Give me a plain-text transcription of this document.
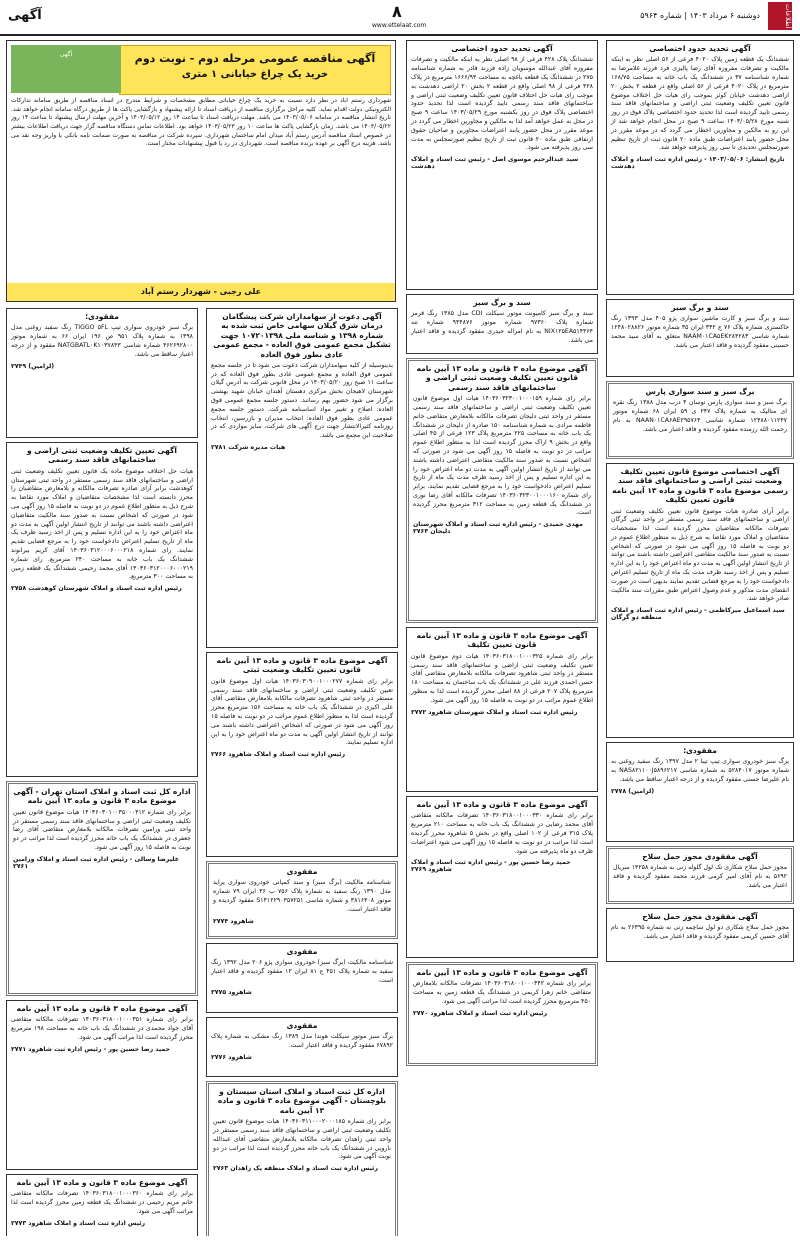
اطلاعات
دوشنبه ۶ مرداد ۱۴۰۳ | شماره ۵۹۶۴
۸
www.ettelaat.com
آگهی
آگهی تحدید حدود اختصاصی

ششدانگ یک قطعه زمین پلاک ۴۰۲۰ فرعی از ۵۶ اصلی نظر به اینکه مالکیت و تصرفات مفروزه آقای رضا پالیزی فرد فرزند غلامرضا به شماره شناسنامه ۳۷ در ششدانگ یک باب خانه به مساحت ۱۶۸/۷۵ مترمربع در پلاک ۴۰۲۰ فرعی از ۵۶ اصلی واقع در قطعه ۲ بخش ۲۰ اراضی دهدشت خیابان کوثر بموجب رای هیات حل اختلاف موضوع قانون تعیین تکلیف وضعیت ثبتی اراضی و ساختمانهای فاقد سند رسمی تایید گردیده است لذا تحدید حدود اختصاصی پلاک فوق در روز شنبه مورخ ۱۴۰۳/۰۵/۲۸ ساعت ۹ صبح در محل انجام خواهد شد از این رو به مالکین و مجاورین اخطار می گردد که در موعد مقرر در محل حضور یابند اعتراضات طبق ماده ۲۰ قانون ثبت از تاریخ تنظیم صورتمجلس تحدیدی تا سی روز پذیرفته خواهد شد.

تاریخ انتشار: ۱۴۰۳/۰۵/۰۶ - رئیس اداره ثبت اسناد و املاک دهدشت
سند و برگ سبز

سند و برگ سبز و کارت ماشین سواری پژو ۴۰۵ مدل ۱۳۹۳ رنگ خاکستری شماره پلاک ۷۶ ج ۳۴۲ ایران ۳۵ شماره موتور ۱۲۴۸۰۲۸۸۲۶ شماره شاسی NAAM۰۱CA۵EK۲۸۴۲۸۳ متعلق به آقای سید محمد حسینی مفقود گردیده و فاقد اعتبار می باشد.

برگ سبز و سند سواری پارس

برگ سبز و سند سواری پارس توسان ۴ درب مدل ۱۳۸۸ رنگ نقره ای متالیک به شماره پلاک ۲۴۷ ی ۵۹ ایران ۶۸ شماره موتور ۱۲۴۸۸۰۱۱۲۴۷ شماره شاسی NAAN۰۱CA۶AE۲۹۵۷۶۴ به نام رحمت الله رزمنده مفقود گردیده و فاقد اعتبار می باشد.

آگهی اختصاصی موضوع قانون تعیین تکلیف وضعیت ثبتی اراضی و ساختمانهای فاقد سند رسمی موضوع ماده ۳ قانون و ماده ۱۳ آیین نامه قانون تعیین تکلیف

برابر آرای صادره هیات موضوع قانون تعیین تکلیف وضعیت ثبتی اراضی و ساختمانهای فاقد سند رسمی مستقر در واحد ثبتی گرگان تصرفات مالکانه متقاضیان محرز گردیده است لذا مشخصات متقاضیان و املاک مورد تقاضا به شرح ذیل به منظور اطلاع عموم در دو نوبت به فاصله ۱۵ روز آگهی می شود در صورتی که اشخاص نسبت به صدور سند مالکیت متقاضی اعتراضی داشته باشند می توانند از تاریخ انتشار اولین آگهی به مدت دو ماه اعتراض خود را به این اداره تسلیم و پس از اخذ رسید ظرف مدت یک ماه از تاریخ تسلیم اعتراض دادخواست خود را به مرجع قضایی تقدیم نمایند بدیهی است در صورت انقضای مدت مذکور و عدم وصول اعتراض طبق مقررات سند مالکیت صادر خواهد شد.

سید اسماعیل میرکاظمی - رئیس اداره ثبت اسناد و املاک منطقه دو گرگان
مفقودی:

برگ سبز خودروی سواری تیپ تیبا ۲ مدل ۱۳۹۷ رنگ سفید روغنی به شماره موتور ۵۲۸۴۰۱۷ به شماره شاسی NAS۸۲۱۱۰۰J۵۸۹۶۲۱۷ به نام علیرضا حسنی مفقود گردیده و از درجه اعتبار ساقط می باشد.

(لرامین) ۲۷۷۸
آگهی مفقودی مجوز حمل سلاح

مجوز حمل سلاح شکاری تک لول گلوله زنی به شماره ۱۴۲۵۸ سریال ۵۶۹۲ به نام آقای امیر کرمی فرزند محمد مفقود گردیده و فاقد اعتبار می باشد.

آگهی مفقودی مجوز حمل سلاح

مجوز حمل سلاح شکاری دو لول ساچمه زنی به شماره ۲۶۳۹۵ به نام آقای حسین کریمی مفقود گردیده و فاقد اعتبار می باشد.

آگهی تحدید حدود اختصاصی

ششدانگ پلاک ۴۲۸ فرعی از ۹۸ اصلی نظر به اینکه مالکیت و تصرفات مفروزه آقای عبدالله موسویان زاده فرزند قادر به شماره شناسنامه ۲۷۵ در ششدانگ یک قطعه باغچه به مساحت ۱۶۶۶/۹۴ مترمربع در پلاک ۴۲۸ فرعی از ۹۸ اصلی واقع در قطعه ۲ بخش ۲۰ اراضی دهدشت به موجب رای هیات حل اختلاف قانون تعیین تکلیف وضعیت ثبتی اراضی و ساختمانهای فاقد سند رسمی تایید گردیده است لذا تحدید حدود اختصاصی پلاک فوق در روز یکشنبه مورخ ۱۴۰۳/۰۵/۲۹ ساعت ۹ صبح در محل به عمل خواهد آمد لذا به مالکین و مجاورین اخطار می گردد در موعد مقرر در محل حضور یابند اعتراضات مجاورین و صاحبان حقوق ارتفاقی طبق ماده ۲۰ قانون ثبت از تاریخ تنظیم صورتمجلس به مدت سی روز پذیرفته می شود.

سید عبدالرحیم موسوی اصل - رئیس ثبت اسناد و املاک دهدشت
سند و برگ سبز

سند و برگ سبز کامیونت موتور سیکلت CDI مدل ۱۳۸۵ رنگ قرمز شماره پلاک ۹۷۳۶۰ شماره موتور ۹۴۴۸۷۶ شماره تنه NIX۱۲۵EA۵۱۴۴۶۴ به نام امراله حیدری مفقود گردیده و فاقد اعتبار می باشد.

آگهی موضوع ماده ۳ قانون و ماده ۱۳ آیین نامه قانون تعیین تکلیف وضعیت ثبتی اراضی و ساختمانهای فاقد سند رسمی

برابر رای شماره ۱۴۰۳۶۰۳۲۳۰۰۱۰۰۰۱۵۹ هیات اول موضوع قانون تعیین تکلیف وضعیت ثبتی اراضی و ساختمانهای فاقد سند رسمی مستقر در واحد ثبتی دلیجان تصرفات مالکانه بلامعارض متقاضی خانم فاطمه مرادی به شماره شناسنامه ۱۵۰ صادره از دلیجان در ششدانگ یک باب خانه به مساحت ۲۲۵ مترمربع پلاک ۱۲۳ فرعی از ۴۵ اصلی واقع در بخش ۹ اراک محرز گردیده است لذا به منظور اطلاع عموم مراتب در دو نوبت به فاصله ۱۵ روز آگهی می شود در صورتی که اشخاص نسبت به صدور سند مالکیت متقاضی اعتراضی داشته باشند می توانند از تاریخ انتشار اولین آگهی به مدت دو ماه اعتراض خود را به این اداره تسلیم و پس از اخذ رسید ظرف مدت یک ماه از تاریخ تسلیم اعتراض دادخواست خود را به مرجع قضایی تقدیم نمایند. برابر رای شماره ۱۴۰۳۶۰۳۲۳۰۰۱۰۰۰۱۶۰ تصرفات مالکانه آقای رضا نوری در ششدانگ یک قطعه زمین به مساحت ۳۱۲ مترمربع محرز گردیده است.

مهدی حمیدی - رئیس اداره ثبت اسناد و املاک شهرستان دلیجان ۲۷۶۴
آگهی موضوع ماده ۳ قانون و ماده ۱۳ آیین نامه قانون تعیین تکلیف

برابر رای شماره ۱۴۰۳۶۰۳۱۸۰۰۱۰۰۰۳۲۵ هیات دوم موضوع قانون تعیین تکلیف وضعیت ثبتی اراضی و ساختمانهای فاقد سند رسمی مستقر در واحد ثبتی شاهرود تصرفات مالکانه بلامعارض متقاضی آقای حسن احمدی فرزند علی در ششدانگ یک باب ساختمان به مساحت ۱۸۰ مترمربع پلاک ۲۰۷ فرعی از ۸۸ اصلی محرز گردیده است لذا به منظور اطلاع عموم مراتب در دو نوبت به فاصله ۱۵ روز آگهی می شود.

رئیس اداره ثبت اسناد و املاک شهرستان شاهرود ۲۷۷۲
آگهی موضوع ماده ۳ قانون و ماده ۱۳ آیین نامه

برابر رای شماره ۱۴۰۳۶۰۳۱۸۰۰۱۰۰۰۳۳۰ تصرفات مالکانه متقاضی آقای محمد رضایی در ششدانگ یک باب خانه به مساحت ۲۱۰ مترمربع پلاک ۳۱۵ فرعی از ۱۰۲ اصلی واقع در بخش ۵ شاهرود محرز گردیده است لذا مراتب در دو نوبت به فاصله ۱۵ روز آگهی می شود اعتراضات ظرف دو ماه پذیرفته می شود.

حمید رضا حسین پور - رئیس اداره ثبت اسناد و املاک شاهرود ۲۷۶۹
آگهی موضوع ماده ۳ قانون و ماده ۱۳ آیین نامه

برابر رای شماره ۱۴۰۳۶۰۳۱۸۰۰۱۰۰۰۳۴۲ تصرفات مالکانه بلامعارض متقاضی خانم زهرا کریمی در ششدانگ یک قطعه زمین به مساحت ۴۵۰ مترمربع محرز گردیده است لذا مراتب آگهی می شود.

رئیس اداره ثبت اسناد و املاک شاهرود ۲۷۷۰
آگهی دعوت از سهامداران شرکت پیشگامان درمان شرق گیلان سهامی خاص ثبت شده به شماره ۱۳۹۸ و شناسه ملی ۱۰۷۲۰۱۳۹۸ جهت تشکیل مجمع عمومی فوق العاده - مجمع عمومی عادی بطور فوق العاده

بدینوسیله از کلیه سهامداران شرکت دعوت می شود تا در جلسه مجمع عمومی فوق العاده و مجمع عمومی عادی بطور فوق العاده که در ساعت ۱۱ صبح روز ۱۴۰۳/۰۵/۲۰ در محل قانونی شرکت به آدرس گیلان شهرستان لاهیجان بخش مرکزی دهستان آهندان خیابان شهید بهشتی برگزار می شود حضور بهم رسانند. دستور جلسه مجمع عمومی فوق العاده: اصلاح و تغییر مواد اساسنامه شرکت. دستور جلسه مجمع عمومی عادی بطور فوق العاده: انتخاب مدیران و بازرسین، انتخاب روزنامه کثیرالانتشار جهت درج آگهی های شرکت، سایر مواردی که در صلاحیت این مجمع می باشد.

هیات مدیره شرکت ۲۷۸۱
آگهی موضوع ماده ۳ قانون و ماده ۱۳ آیین نامه قانون تعیین تکلیف وضعیت ثبتی

برابر رای شماره ۱۴۰۳۶۰۳۰۹۰۰۱۰۰۰۲۷۷ هیات اول موضوع قانون تعیین تکلیف وضعیت ثبتی اراضی و ساختمانهای فاقد سند رسمی مستقر در واحد ثبتی شاهرود تصرفات مالکانه بلامعارض متقاضی آقای علی اکبری در ششدانگ یک باب خانه به مساحت ۱۵۶ مترمربع محرز گردیده است لذا به منظور اطلاع عموم مراتب در دو نوبت به فاصله ۱۵ روز آگهی می شود در صورتی که اشخاص اعتراضی داشته باشند می توانند از تاریخ انتشار اولین آگهی به مدت دو ماه اعتراض خود را به این اداره تسلیم نمایند.

رئیس اداره ثبت اسناد و املاک شاهرود ۲۷۶۶
مفقودی

شناسنامه مالکیت (برگ سبز) و سند کمپانی خودروی سواری پراید مدل ۱۳۹۰ رنگ سفید به شماره پلاک ۷۵۶ ب ۳۶ ایران ۷۹ شماره موتور ۳۸۱۶۴۰۸ و شماره شاسی S۱۴۱۲۲۹۰۳۵۷۲۵۱ مفقود گردیده و فاقد اعتبار است.

شاهرود ۲۷۷۴
مفقودی

شناسنامه مالکیت (برگ سبز) خودروی سواری پژو ۲۰۶ مدل ۱۳۹۲ رنگ سفید به شماره پلاک ۴۵۱ ج ۸۱ ایران ۱۲ مفقود گردیده و فاقد اعتبار است.

شاهرود ۲۷۷۵
مفقودی

برگ سبز موتور سیکلت هوندا مدل ۱۳۸۹ رنگ مشکی به شماره پلاک ۶۷۸۹۲ مفقود گردیده و فاقد اعتبار است.

شاهرود ۲۷۷۶
اداره کل ثبت اسناد و املاک استان سیستان و بلوچستان - آگهی موضوع ماده ۳ قانون و ماده ۱۳ آیین نامه

برابر رای شماره ۱۴۰۳۶۰۳۱۱۰۰۰۲۰۰۰۱۸۵ هیات موضوع قانون تعیین تکلیف وضعیت ثبتی اراضی و ساختمانهای فاقد سند رسمی مستقر در واحد ثبتی زاهدان تصرفات مالکانه بلامعارض متقاضی آقای عبدالله نارویی در ششدانگ یک باب خانه محرز گردیده است لذا مراتب در دو نوبت آگهی می شود.

رئیس اداره ثبت اسناد و املاک منطقه یک زاهدان ۲۷۶۳
مفقودی:

برگ سبز خودروی سواری تیپ TIGGO ۵FL رنگ سفید روغنی مدل ۱۳۹۸ به شماره پلاک ۹۵۱ ص ۱۹۶ ایران ۶۶ به شماره موتور ۴۶۲۶۹۲۸۰۰ شماره شاسی NATGBATL۰K۱۰۳۷۸۴۳ مفقود و از درجه اعتبار ساقط می باشد.

(لرامین) ۲۷۴۹
آگهی تعیین تکلیف وضعیت ثبتی اراضی و ساختمانهای فاقد سند رسمی

هیات حل اختلاف موضوع ماده یک قانون تعیین تکلیف وضعیت ثبتی اراضی و ساختمانهای فاقد سند رسمی مستقر در واحد ثبتی شهرستان کوهدشت برابر آرای صادره تصرفات مالکانه و بلامعارض متقاضیان را محرز دانسته است لذا مشخصات متقاضیان و املاک مورد تقاضا به شرح ذیل به منظور اطلاع عموم در دو نوبت به فاصله ۱۵ روز آگهی می شود در صورتی که اشخاص نسبت به صدور سند مالکیت متقاضیان اعتراضی داشته باشند می توانند از تاریخ انتشار اولین آگهی به مدت دو ماه اعتراض خود را به این اداره تسلیم و پس از اخذ رسید ظرف یک ماه از تاریخ تسلیم اعتراض دادخواست خود را به مرجع قضایی تقدیم نمایند. رای شماره ۱۴۰۳۶۰۳۱۲۰۰۰۶۰۰۰۲۱۸ آقای کریم بیرانوند ششدانگ یک باب خانه به مساحت ۲۴۰ مترمربع. رای شماره ۱۴۰۳۶۰۳۱۲۰۰۰۶۰۰۰۲۱۹ آقای محمد رحیمی ششدانگ یک قطعه زمین به مساحت ۳۰۰ مترمربع.

رئیس اداره ثبت اسناد و املاک شهرستان کوهدشت ۲۷۵۸
اداره کل ثبت اسناد و املاک استان تهران - آگهی موضوع ماده ۳ قانون و ماده ۱۳ آیین نامه

برابر رای شماره ۱۴۰۳۶۰۳۰۱۰۰۳۵۰۰۰۴۱۲ هیات موضوع قانون تعیین تکلیف وضعیت ثبتی اراضی و ساختمانهای فاقد سند رسمی مستقر در واحد ثبتی ورامین تصرفات مالکانه بلامعارض متقاضی آقای رضا جعفری در ششدانگ یک باب خانه محرز گردیده است لذا مراتب در دو نوبت به فاصله ۱۵ روز آگهی می شود.

علیرضا وسالی - رئیس اداره ثبت اسناد و املاک ورامین ۲۷۶۱
آگهی موضوع ماده ۳ قانون و ماده ۱۳ آیین نامه

برابر رای شماره ۱۴۰۳۶۰۳۱۸۰۰۱۰۰۰۳۵۱ تصرفات مالکانه متقاضی آقای جواد محمدی در ششدانگ یک باب خانه به مساحت ۱۹۸ مترمربع محرز گردیده است لذا مراتب آگهی می شود.

حمید رضا حسین پور - رئیس اداره ثبت شاهرود ۲۷۷۱
آگهی موضوع ماده ۳ قانون و ماده ۱۳ آیین نامه

برابر رای شماره ۱۴۰۳۶۰۳۱۸۰۰۱۰۰۰۳۶۰ تصرفات مالکانه متقاضی خانم مریم رحیمی در ششدانگ یک قطعه زمین محرز گردیده است لذا مراتب آگهی می شود.

رئیس اداره ثبت اسناد و املاک شاهرود ۲۷۷۳
آگهی مناقصه عمومی مرحله دوم - نوبت دوم
خرید یک چراغ خیابانی ۱ متری
آگهی
شهرداری رستم آباد در نظر دارد نسبت به خرید یک چراغ خیابانی مطابق مشخصات و شرایط مندرج در اسناد مناقصه از طریق سامانه تدارکات الکترونیکی دولت اقدام نماید. کلیه مراحل برگزاری مناقصه از دریافت اسناد تا ارائه پیشنهاد و بازگشایی پاکت ها از طریق درگاه سامانه انجام خواهد شد. تاریخ انتشار مناقصه در سامانه ۱۴۰۳/۰۵/۰۶ می باشد. مهلت دریافت اسناد تا ساعت ۱۴ روز ۱۴۰۳/۰۵/۱۲ و آخرین مهلت ارسال پیشنهاد تا ساعت ۱۴ روز ۱۴۰۳/۰۵/۲۲ می باشد. زمان بازگشایی پاکت ها ساعت ۱۰ روز ۱۴۰۳/۰۵/۲۳ خواهد بود. اطلاعات تماس دستگاه مناقصه گزار جهت دریافت اطلاعات بیشتر در خصوص اسناد مناقصه آدرس رستم آباد میدان امام ساختمان شهرداری. سپرده شرکت در مناقصه به صورت ضمانت نامه بانکی یا واریز وجه نقد می باشد. هزینه درج آگهی بر عهده برنده مناقصه است. شهرداری در رد یا قبول پیشنهادات مختار است.
علی رجبی - شهردار رستم آباد
